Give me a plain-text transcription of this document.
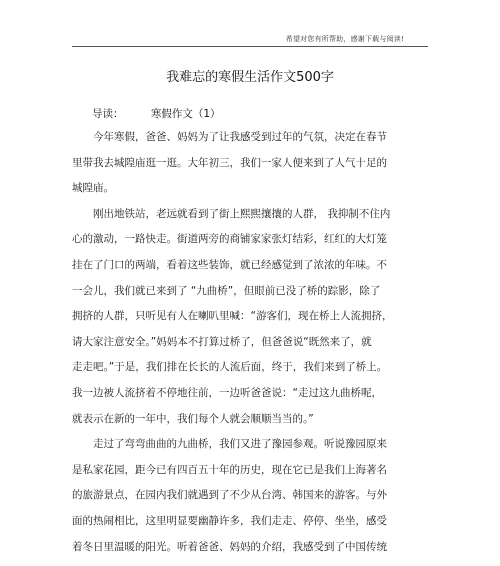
希望对您有所帮助，感谢下载与阅读!
我难忘的寒假生活作文500字
导读：	寒假作文（1）
今年寒假，爸爸、妈妈为了让我感受到过年的气氛，决定在春节
里带我去城隍庙逛一逛。大年初三，我们一家人便来到了人气十足的
城隍庙。
刚出地铁站，老远就看到了街上熙熙攘攘的人群， 我抑制不住内
心的激动，一路快走。街道两旁的商铺家家张灯结彩，红红的大灯笼
挂在了门口的两端，看着这些装饰，就已经感觉到了浓浓的年味。不
一会儿，我们就已来到了 “九曲桥”，但眼前已没了桥的踪影，除了
拥挤的人群，只听见有人在喇叭里喊：“游客们，现在桥上人流拥挤，
请大家注意安全。”妈妈本不打算过桥了，但爸爸说“既然来了，就
走走吧。”于是，我们排在长长的人流后面，终于，我们来到了桥上。
我一边被人流挤着不停地往前，一边听爸爸说：“走过这九曲桥呢，
就表示在新的一年中，我们每个人就会顺顺当当的。”
走过了弯弯曲曲的九曲桥，我们又进了豫园参观。听说豫园原来
是私家花园，距今已有四百五十年的历史，现在它已是我们上海著名
的旅游景点，在园内我们就遇到了不少从台湾、韩国来的游客。与外
面的热闹相比，这里明显要幽静许多，我们走走、停停、坐坐，感受
着冬日里温暖的阳光。听着爸爸、妈妈的介绍，我感受到了中国传统
